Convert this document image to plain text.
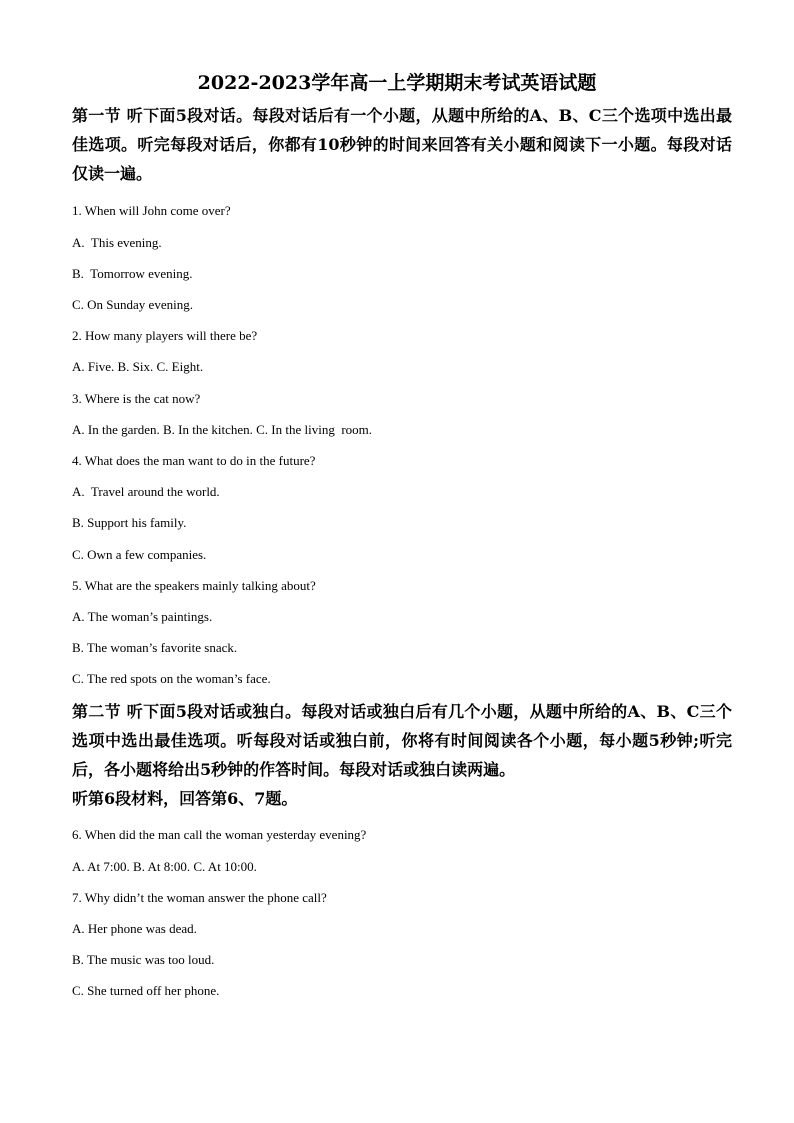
2022-2023学年高一上学期期末考试英语试题
第一节 听下面5段对话。每段对话后有一个小题，从题中所给的A、B、C三个选项中选出最
佳选项。听完每段对话后，你都有10秒钟的时间来回答有关小题和阅读下一小题。每段对话
仅读一遍。
1. When will John come over?
A.  This evening.
B.  Tomorrow evening.
C. On Sunday evening.
2. How many players will there be?
A. Five. B. Six. C. Eight.
3. Where is the cat now?
A. In the garden. B. In the kitchen. C. In the living  room.
4. What does the man want to do in the future?
A.  Travel around the world.
B. Support his family.
C. Own a few companies.
5. What are the speakers mainly talking about?
A. The woman’s paintings.
B. The woman’s favorite snack.
C. The red spots on the woman’s face.
第二节 听下面5段对话或独白。每段对话或独白后有几个小题，从题中所给的A、B、C三个
选项中选出最佳选项。听每段对话或独白前，你将有时间阅读各个小题，每小题5秒钟;听完
后，各小题将给出5秒钟的作答时间。每段对话或独白读两遍。
听第6段材料，回答第6、7题。
6. When did the man call the woman yesterday evening?
A. At 7:00. B. At 8:00. C. At 10:00.
7. Why didn’t the woman answer the phone call?
A. Her phone was dead.
B. The music was too loud.
C. She turned off her phone.
